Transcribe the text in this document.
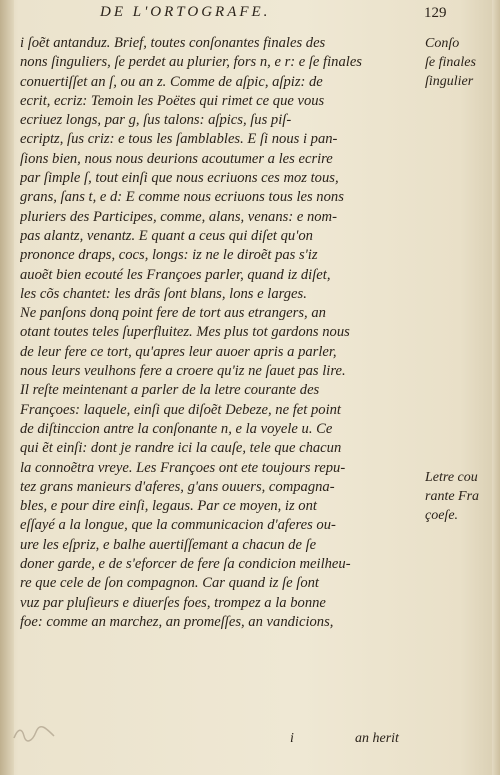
DE L'ORTOGRAFE.	129
i ſoẽt antanduz. Brief, toutes conſonantes finales des
nons ſinguliers, ſe perdet au plurier, fors n, e r: e ſe finales
conuertiſſet an ſ, ou an z. Comme de aſpic, aſpiz: de
ecrit, ecriz: Temoin les Poëtes qui rimet ce que vous
ecriuez longs, par g, ſus talons: aſpics, ſus piſ-
ecriptz, ſus criz: e tous les ſamblables. E ſi nous i pan-
ſions bien, nous nous deurions acoutumer a les ecrire
par ſimple ſ, tout einſi que nous ecriuons ces moz tous,
grans, ſans t, e d: E comme nous ecriuons tous les nons
pluriers des Participes, comme, alans, venans: e nom-
pas alantz, venantz. E quant a ceus qui diſet qu'on
prononce draps, cocs, longs: iz ne le diroẽt pas s'iz
auoẽt bien ecouté les Françoes parler, quand iz diſet,
les cõs chantet: les drãs ſont blans, lons e larges.
Ne panſons donq point fere de tort aus etrangers, an
otant toutes teles ſuperfluitez. Mes plus tot gardons nous
de leur fere ce tort, qu'apres leur auoer apris a parler,
nous leurs veulhons fere a croere qu'iz ne ſauet pas lire.
Il reſte meintenant a parler de la letre courante des
Françoes: laquele, einſi que diſoẽt Debeze, ne fet point
de diſtinccion antre la conſonante n, e la voyele u. Ce
qui ẽt einſi: dont je randre ici la cauſe, tele que chacun
la connoẽtra vreye. Les Françoes ont ete toujours repu-
tez grans manieurs d'aferes, g'ans ouuers, compagna-
bles, e pour dire einſi, legaus. Par ce moyen, iz ont
eſſayé a la longue, que la communicacion d'aferes ou-
ure les eſpriz, e balhe auertiſſemant a chacun de ſe
doner garde, e de s'eforcer de fere ſa condicion meilheu-
re que cele de ſon compagnon. Car quand iz ſe ſont
vuz par pluſieurs e diuerſes foes, trompez a la bonne
foe: comme an marchez, an promeſſes, an vandicions,
Conſo
ſe finales
ſingulier
Letre cou
rante Fra
çoeſe.
i	an herit
